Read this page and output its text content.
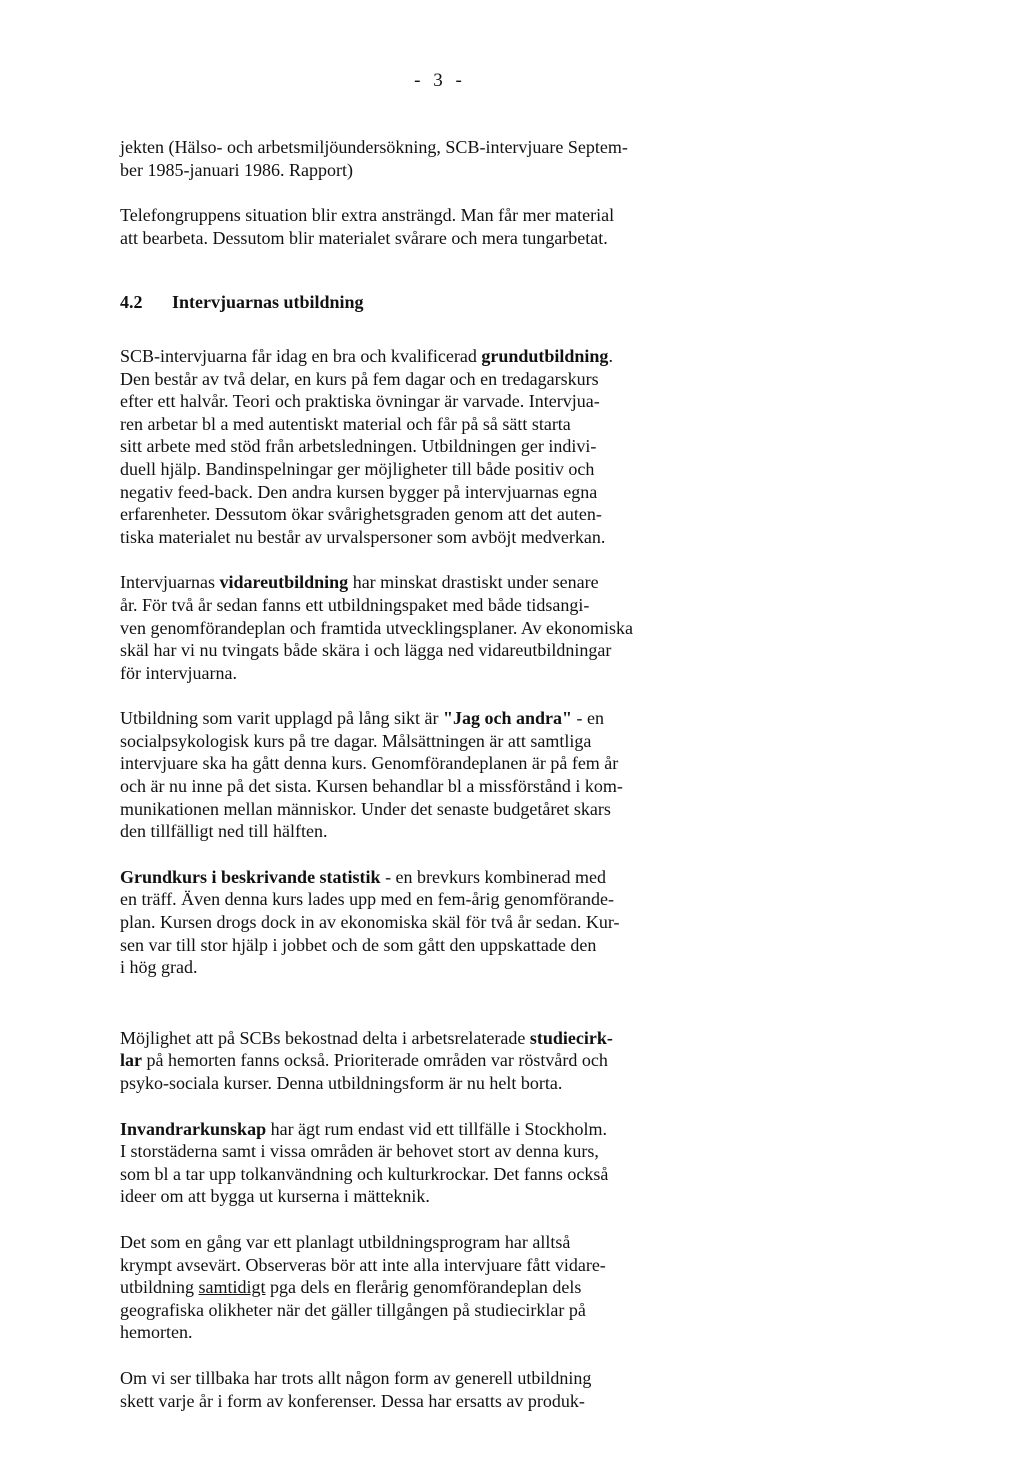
- 3 -

jekten (Hälso- och arbetsmiljöundersökning, SCB-intervjuare Septem-
ber 1985-januari 1986. Rapport)

Telefongruppens situation blir extra ansträngd. Man får mer material
att bearbeta. Dessutom blir materialet svårare och mera tungarbetat.

4.2 Intervjuarnas utbildning

SCB-intervjuarna får idag en bra och kvalificerad grundutbildning.
Den består av två delar, en kurs på fem dagar och en tredagarskurs
efter ett halvår. Teori och praktiska övningar är varvade. Intervjua-
ren arbetar bl a med autentiskt material och får på så sätt starta
sitt arbete med stöd från arbetsledningen. Utbildningen ger indivi-
duell hjälp. Bandinspelningar ger möjligheter till både positiv och
negativ feed-back. Den andra kursen bygger på intervjuarnas egna
erfarenheter. Dessutom ökar svårighetsgraden genom att det auten-
tiska materialet nu består av urvalspersoner som avböjt medverkan.

Intervjuarnas vidareutbildning har minskat drastiskt under senare
år. För två år sedan fanns ett utbildningspaket med både tidsangi-
ven genomförandeplan och framtida utvecklingsplaner. Av ekonomiska
skäl har vi nu tvingats både skära i och lägga ned vidareutbildningar
för intervjuarna.

Utbildning som varit upplagd på lång sikt är "Jag och andra" - en
socialpsykologisk kurs på tre dagar. Målsättningen är att samtliga
intervjuare ska ha gått denna kurs. Genomförandeplanen är på fem år
och är nu inne på det sista. Kursen behandlar bl a missförstånd i kom-
munikationen mellan människor. Under det senaste budgetåret skars
den tillfälligt ned till hälften.

Grundkurs i beskrivande statistik - en brevkurs kombinerad med
en träff. Även denna kurs lades upp med en fem-årig genomförande-
plan. Kursen drogs dock in av ekonomiska skäl för två år sedan. Kur-
sen var till stor hjälp i jobbet och de som gått den uppskattade den
i hög grad.

Möjlighet att på SCBs bekostnad delta i arbetsrelaterade studiecirk-
lar på hemorten fanns också. Prioriterade områden var röstvård och
psyko-sociala kurser. Denna utbildningsform är nu helt borta.

Invandrarkunskap har ägt rum endast vid ett tillfälle i Stockholm.
I storstäderna samt i vissa områden är behovet stort av denna kurs,
som bl a tar upp tolkanvändning och kulturkrockar. Det fanns också
ideer om att bygga ut kurserna i mätteknik.

Det som en gång var ett planlagt utbildningsprogram har alltså
krympt avsevärt. Observeras bör att inte alla intervjuare fått vidare-
utbildning samtidigt pga dels en flerårig genomförandeplan dels
geografiska olikheter när det gäller tillgången på studiecirklar på
hemorten.

Om vi ser tillbaka har trots allt någon form av generell utbildning
skett varje år i form av konferenser. Dessa har ersatts av produk-
